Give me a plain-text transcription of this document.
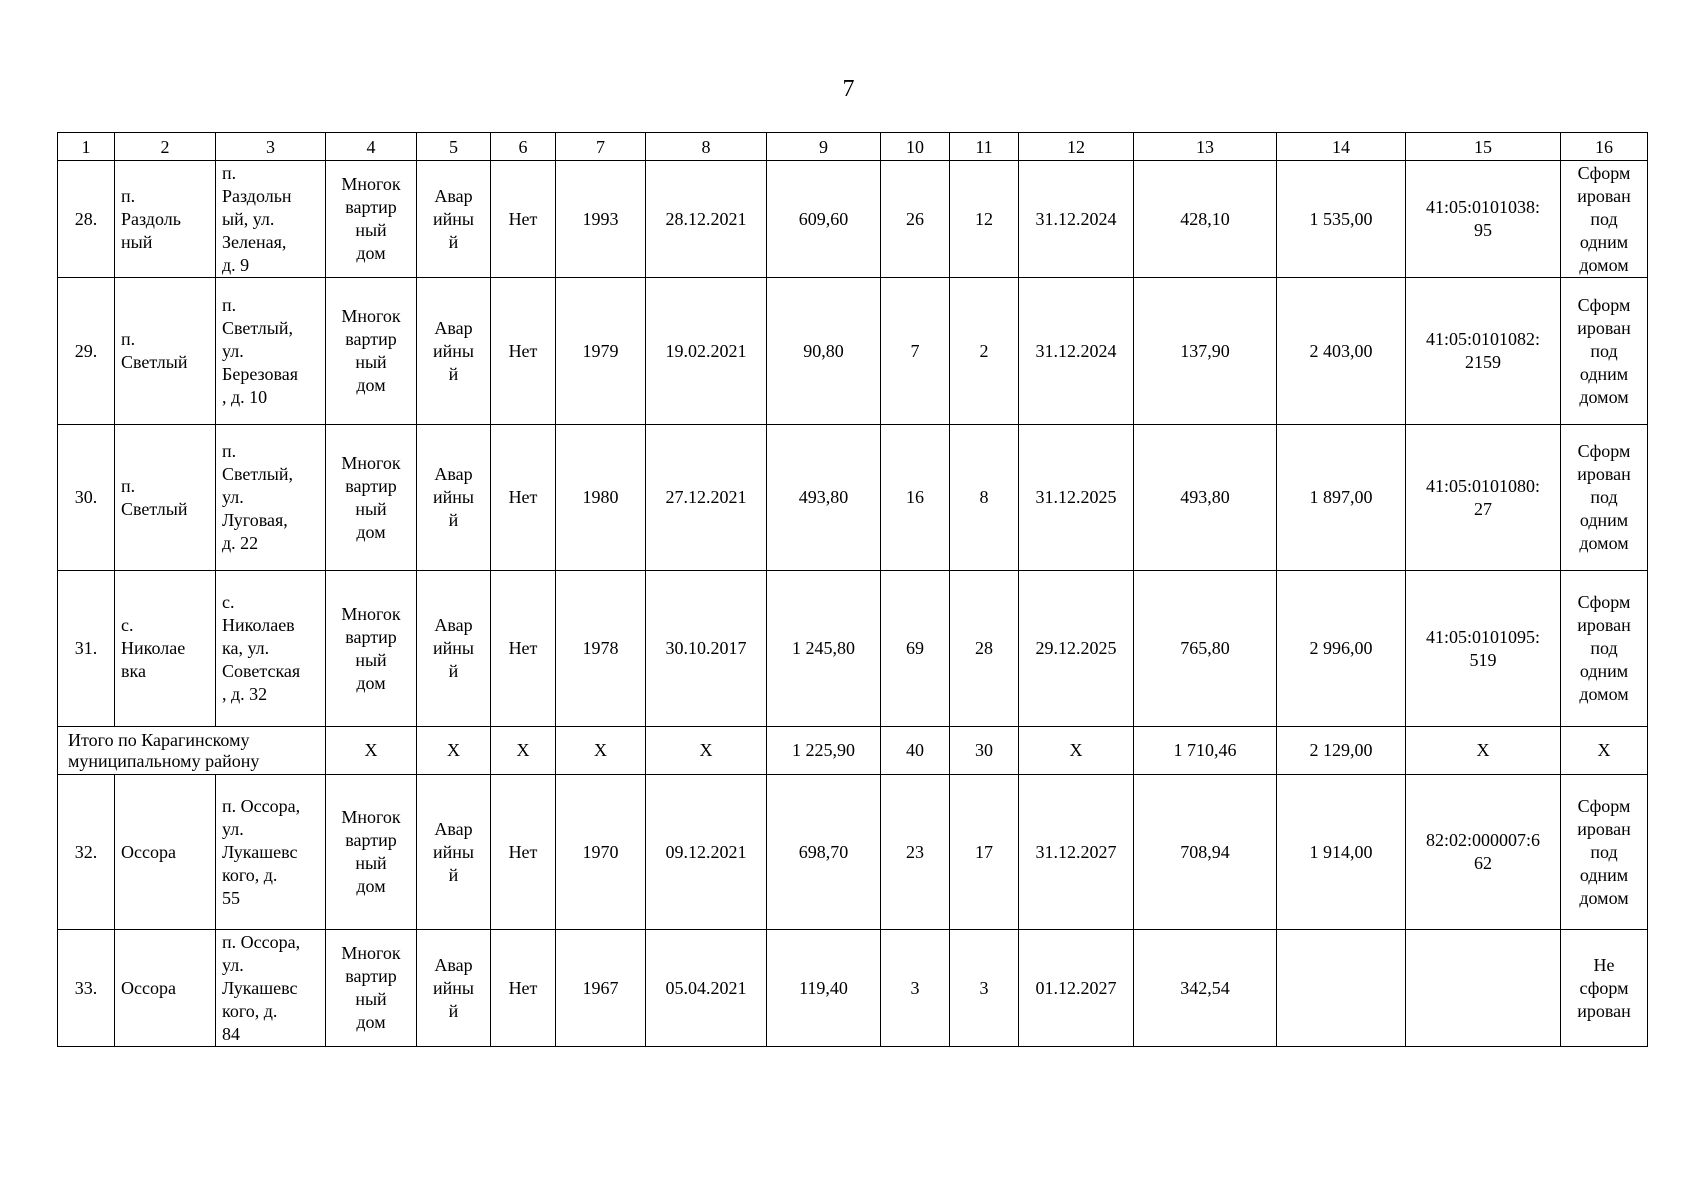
7
1	2	3	4	5	6	7	8	9	10	11	12	13	14	15	16
28.	п.
Раздоль
ный	п.
Раздольн
ый, ул.
Зеленая,
д. 9	Многок
вартир
ный
дом	Авар
ийны
й	Нет	1993	28.12.2021	609,60	26	12	31.12.2024	428,10	1 535,00	41:05:0101038:
95	Сформ
ирован
под
одним
домом

29.	п.
Светлый	п.
Светлый,
ул.
Березовая
, д. 10	Многок
вартир
ный
дом	Авар
ийны
й	Нет	1979	19.02.2021	90,80	7	2	31.12.2024	137,90	2 403,00	41:05:0101082:
2159	Сформ
ирован
под
одним
домом

30.	п.
Светлый	п.
Светлый,
ул.
Луговая,
д. 22	Многок
вартир
ный
дом	Авар
ийны
й	Нет	1980	27.12.2021	493,80	16	8	31.12.2025	493,80	1 897,00	41:05:0101080:
27	Сформ
ирован
под
одним
домом

31.	с.
Николае
вка	с.
Николаев
ка, ул.
Советская
, д. 32	Многок
вартир
ный
дом	Авар
ийны
й	Нет	1978	30.10.2017	1 245,80	69	28	29.12.2025	765,80	2 996,00	41:05:0101095:
519	Сформ
ирован
под
одним
домом

Итого по Карагинскому
муниципальному району			X	X	X	X	X	1 225,90	40	30	X	1 710,46	2 129,00	X	X
32.	Оссора	п. Оссора,
ул.
Лукашевс
кого, д.
55	Многок
вартир
ный
дом	Авар
ийны
й	Нет	1970	09.12.2021	698,70	23	17	31.12.2027	708,94	1 914,00	82:02:000007:6
62	Сформ
ирован
под
одним
домом

33.	Оссора	п. Оссора,
ул.
Лукашевс
кого, д.
84	Многок
вартир
ный
дом	Авар
ийны
й	Нет	1967	05.04.2021	119,40	3	3	01.12.2027	342,54			Не
сформ
ирован
